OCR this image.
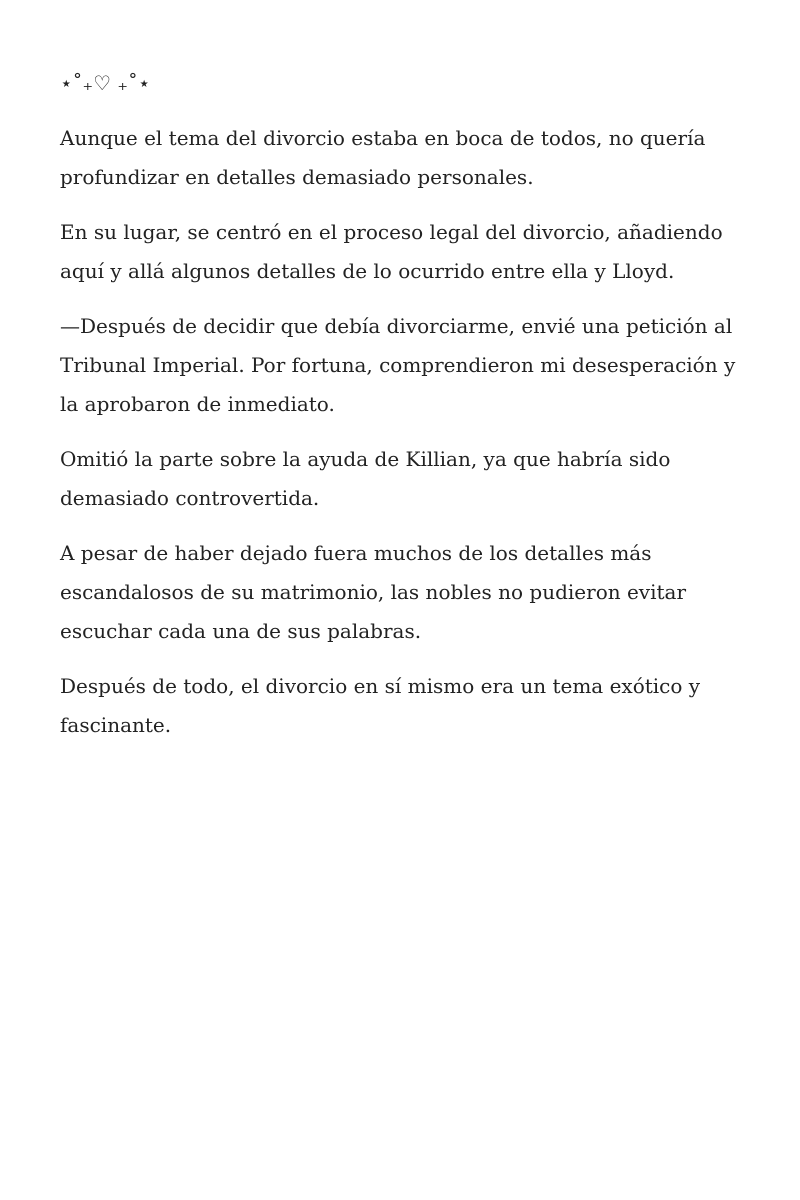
⋆˚₊♡ ₊˚⋆

Aunque el tema del divorcio estaba en boca de todos, no quería profundizar en detalles demasiado personales.

En su lugar, se centró en el proceso legal del divorcio, añadiendo aquí y allá algunos detalles de lo ocurrido entre ella y Lloyd.

—Después de decidir que debía divorciarme, envié una petición al Tribunal Imperial. Por fortuna, comprendieron mi desesperación y la aprobaron de inmediato.

Omitió la parte sobre la ayuda de Killian, ya que habría sido demasiado controvertida.

A pesar de haber dejado fuera muchos de los detalles más escandalosos de su matrimonio, las nobles no pudieron evitar escuchar cada una de sus palabras.

Después de todo, el divorcio en sí mismo era un tema exótico y fascinante.
